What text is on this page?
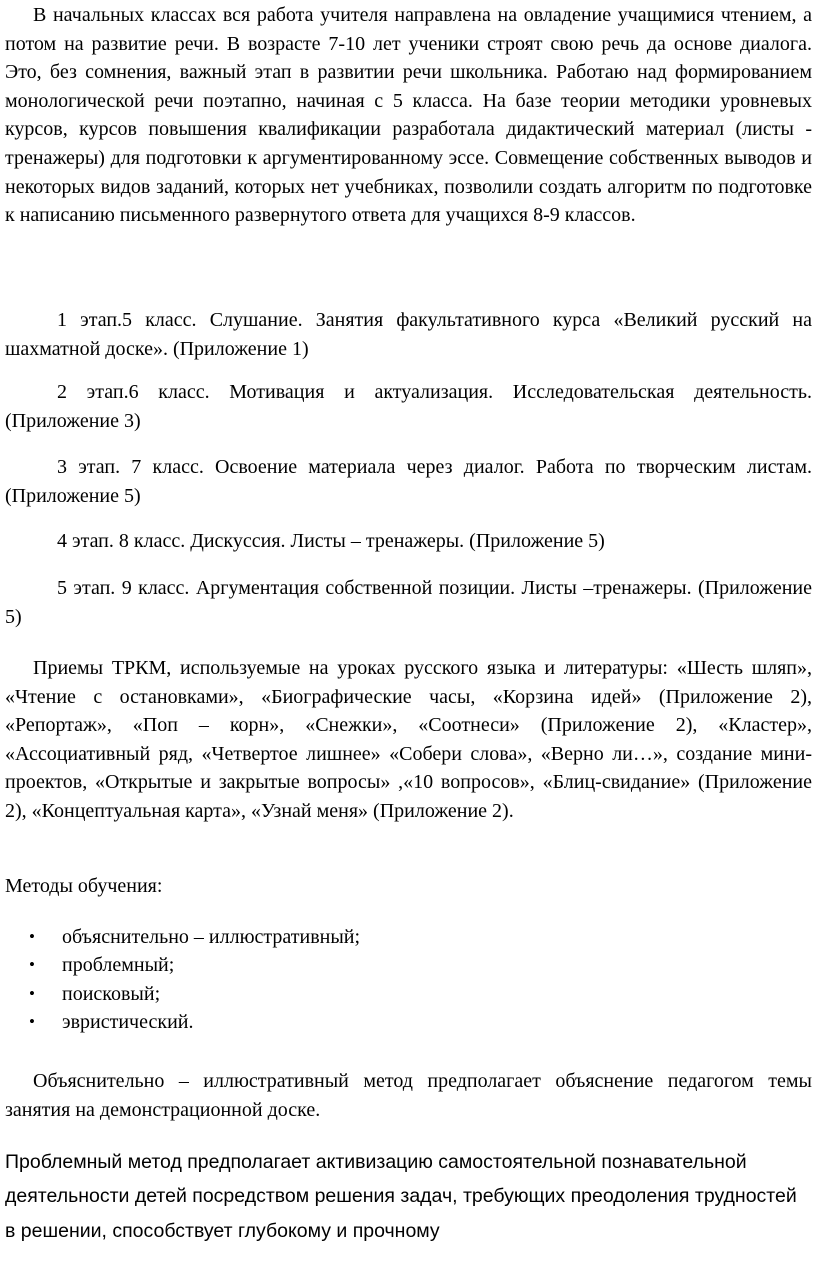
В начальных классах вся работа учителя направлена на овладение учащимися чтением, а потом на развитие речи. В возрасте 7-10 лет ученики строят свою речь да основе диалога. Это, без сомнения, важный этап в развитии речи школьника. Работаю над формированием монологической речи поэтапно, начиная с 5 класса. На базе теории методики уровневых курсов, курсов повышения квалификации разработала дидактический материал (листы - тренажеры) для подготовки к аргументированному эссе. Совмещение собственных выводов и некоторых видов заданий, которых нет учебниках, позволили создать алгоритм по подготовке к написанию письменного развернутого ответа для учащихся 8-9 классов.

1 этап.5 класс. Слушание. Занятия факультативного курса «Великий русский на шахматной доске». (Приложение 1)

2 этап.6 класс. Мотивация и актуализация. Исследовательская деятельность. (Приложение 3)

3 этап. 7 класс. Освоение материала через диалог. Работа по творческим листам.(Приложение 5)

4 этап. 8 класс. Дискуссия. Листы – тренажеры. (Приложение 5)

5 этап. 9 класс. Аргументация собственной позиции. Листы –тренажеры. (Приложение 5)

Приемы ТРКМ, используемые на уроках русского языка и литературы: «Шесть шляп», «Чтение с остановками», «Биографические часы, «Корзина идей» (Приложение 2), «Репортаж», «Поп – корн», «Снежки», «Соотнеси» (Приложение 2), «Кластер», «Ассоциативный ряд, «Четвертое лишнее» «Собери слова», «Верно ли…», создание мини-проектов, «Открытые и закрытые вопросы» ,«10 вопросов», «Блиц-свидание» (Приложение 2), «Концептуальная карта», «Узнай меня» (Приложение 2).

Методы обучения:

• объяснительно – иллюстративный;
• проблемный;
• поисковый;
• эвристический.

Объяснительно – иллюстративный метод предполагает объяснение педагогом темы занятия на демонстрационной доске.

Проблемный метод предполагает активизацию самостоятельной познавательной деятельности детей посредством решения задач, требующих преодоления трудностей в решении, способствует глубокому и прочному
